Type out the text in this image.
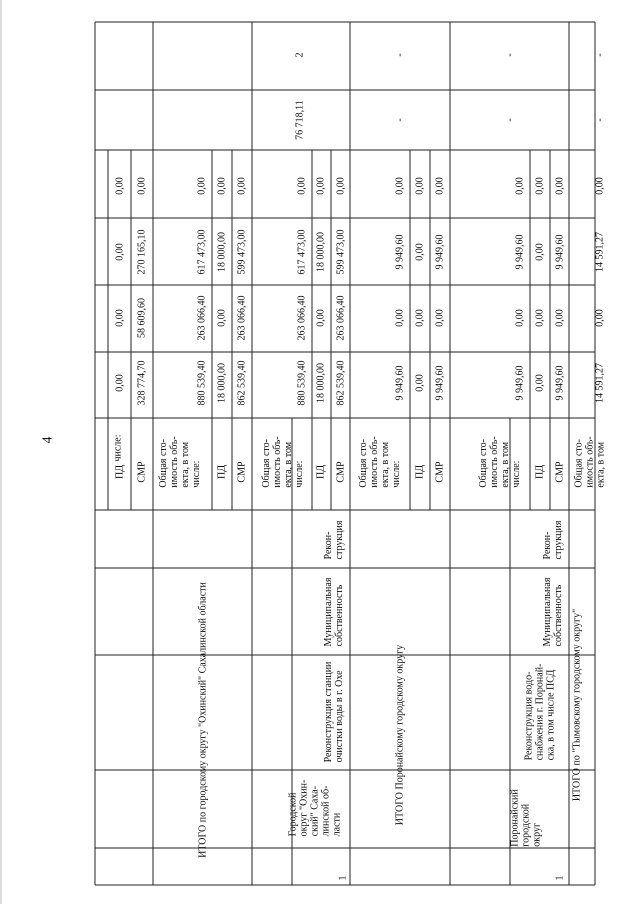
4	числе:
ПД СМР
0,00
0,00
0,00
0,00
328 774,70
58 609,60
270 165,10
0,00
ИТОГО по городскому округу "Охинский" Сахалинской области
Общая сто- имость объ- екта, в том числе: ПД СМР
880 539,40
263 066,40
617 473,00
0,00
18 000,00
0,00
18 000,00
0,00
862 539,40
263 066,40
599 473,00
0,00
1
Городской округ "Охин- ский" Саха- линской об- ласти
Реконструкция станции очистки воды в г. Охе
Муниципальная собственность
Рекон- струкция
Общая сто- имость объ- екта, в том числе: ПД СМР
880 539,40
263 066,40
617 473,00
0,00
18 000,00
0,00
18 000,00
0,00
862 539,40
263 066,40
599 473,00
0,00
76 718,11
2
ИТОГО Поронайскому городскому округу
Общая сто- имость объ- екта, в том числе: ПД СМР
9 949,60
0,00
9 949,60
0,00
0,00
0,00
0,00
0,00
9 949,60
0,00
9 949,60
0,00
-
-
1
Поронайский городской округ
Реконструкция водо- снабжения г. Поронай- ска, в том числе ПСД
Муниципальная собственность
Рекон- струкция
Общая сто- имость объ- екта, в том числе: ПД СМР
9 949,60
0,00
9 949,60
0,00
0,00
0,00
0,00
0,00
9 949,60
0,00
9 949,60
0,00
-
-
ИТОГО по "Тымовскому городскому округу"
Общая сто- имость объ- екта, в том
14 591,27
0,00
14 591,27
0,00
-
-
